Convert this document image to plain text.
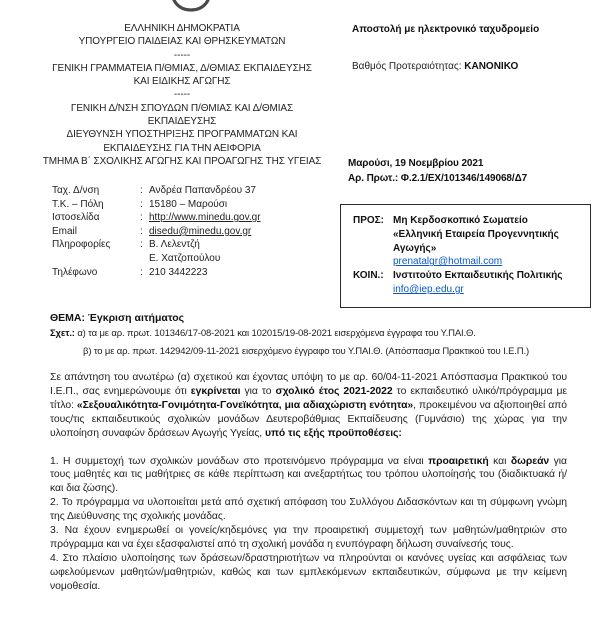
ΕΛΛΗΝΙΚΗ ΔΗΜΟΚΡΑΤΙΑ
ΥΠΟΥΡΓΕΙΟ ΠΑΙΔΕΙΑΣ ΚΑΙ ΘΡΗΣΚΕΥΜΑΤΩΝ
-----
ΓΕΝΙΚΗ ΓΡΑΜΜΑΤΕΙΑ Π/ΘΜΙΑΣ, Δ/ΘΜΙΑΣ ΕΚΠΑΙΔΕΥΣΗΣ
ΚΑΙ ΕΙΔΙΚΗΣ ΑΓΩΓΗΣ
-----
ΓΕΝΙΚΗ Δ/ΝΣΗ ΣΠΟΥΔΩΝ Π/ΘΜΙΑΣ ΚΑΙ Δ/ΘΜΙΑΣ
ΕΚΠΑΙΔΕΥΣΗΣ
ΔΙΕΥΘΥΝΣΗ ΥΠΟΣΤΗΡΙΞΗΣ ΠΡΟΓΡΑΜΜΑΤΩΝ ΚΑΙ
ΕΚΠΑΙΔΕΥΣΗΣ ΓΙΑ ΤΗΝ ΑΕΙΦΟΡΙΑ
ΤΜΗΜΑ Β΄ ΣΧΟΛΙΚΗΣ ΑΓΩΓΗΣ ΚΑΙ ΠΡΟΑΓΩΓΗΣ ΤΗΣ ΥΓΕΙΑΣ
Αποστολή με ηλεκτρονικό ταχυδρομείο
Βαθμός Προτεραιότητας: ΚΑΝΟΝΙΚΟ
Μαρούσι, 19 Νοεμβρίου 2021
Αρ. Πρωτ.: Φ.2.1/ΕΧ/101346/149068/Δ7
Ταχ. Δ/νση	: Ανδρέα Παπανδρέου 37
Τ.Κ. – Πόλη	: 15180 – Μαρούσι
Ιστοσελίδα	: http://www.minedu.gov.gr
Email	: disedu@minedu.gov.gr
Πληροφορίες	: Β. Λελεντζή
Ε. Χατζοπούλου
Τηλέφωνο	: 210 3442223
ΠΡΟΣ: Μη Κερδοσκοπικό Σωματείο
«Ελληνική Εταιρεία Προγεννητικής
Αγωγής»
prenatalgr@hotmail.com
ΚΟΙΝ.: Ινστιτούτο Εκπαιδευτικής Πολιτικής
info@iep.edu.gr
ΘΕΜΑ: Έγκριση αιτήματος
Σχετ.: α) τα με αρ. πρωτ. 101346/17-08-2021 και 102015/19-08-2021 εισερχόμενα έγγραφα του Υ.ΠΑΙ.Θ.
β) το με αρ. πρωτ. 142942/09-11-2021 εισερχόμενο έγγραφο του Υ.ΠΑΙ.Θ. (Απόσπασμα Πρακτικού του Ι.Ε.Π.)
Σε απάντηση του ανωτέρω (α) σχετικού και έχοντας υπόψη το με αρ. 60/04-11-2021 Απόσπασμα Πρακτικού του Ι.Ε.Π., σας ενημερώνουμε ότι εγκρίνεται για το σχολικό έτος 2021-2022 το εκπαιδευτικό υλικό/πρόγραμμα με τίτλο: «Σεξουαλικότητα-Γονιμότητα-Γονεϊκότητα, μια αδιαχώριστη ενότητα», προκειμένου να αξιοποιηθεί από τους/τις εκπαιδευτικούς σχολικών μονάδων Δευτεροβάθμιας Εκπαίδευσης (Γυμνάσιο) της χώρας για την υλοποίηση συναφών δράσεων Αγωγής Υγείας, υπό τις εξής προϋποθέσεις:
1. Η συμμετοχή των σχολικών μονάδων στο προτεινόμενο πρόγραμμα να είναι προαιρετική και δωρεάν για τους μαθητές και τις μαθήτριες σε κάθε περίπτωση και ανεξαρτήτως του τρόπου υλοποίησής του (διαδικτυακά ή/και δια ζώσης).
2. Το πρόγραμμα να υλοποιείται μετά από σχετική απόφαση του Συλλόγου Διδασκόντων και τη σύμφωνη γνώμη της Διεύθυνσης της σχολικής μονάδας.
3. Να έχουν ενημερωθεί οι γονείς/κηδεμόνες για την προαιρετική συμμετοχή των μαθητών/μαθητριών στο πρόγραμμα και να έχει εξασφαλιστεί από τη σχολική μονάδα η ενυπόγραφη δήλωση συναίνεσής τους.
4. Στο πλαίσιο υλοποίησης των δράσεων/δραστηριοτήτων να πληρούνται οι κανόνες υγείας και ασφάλειας των ωφελούμενων μαθητών/μαθητριών, καθώς και των εμπλεκόμενων εκπαιδευτικών, σύμφωνα με την κείμενη νομοθεσία.
